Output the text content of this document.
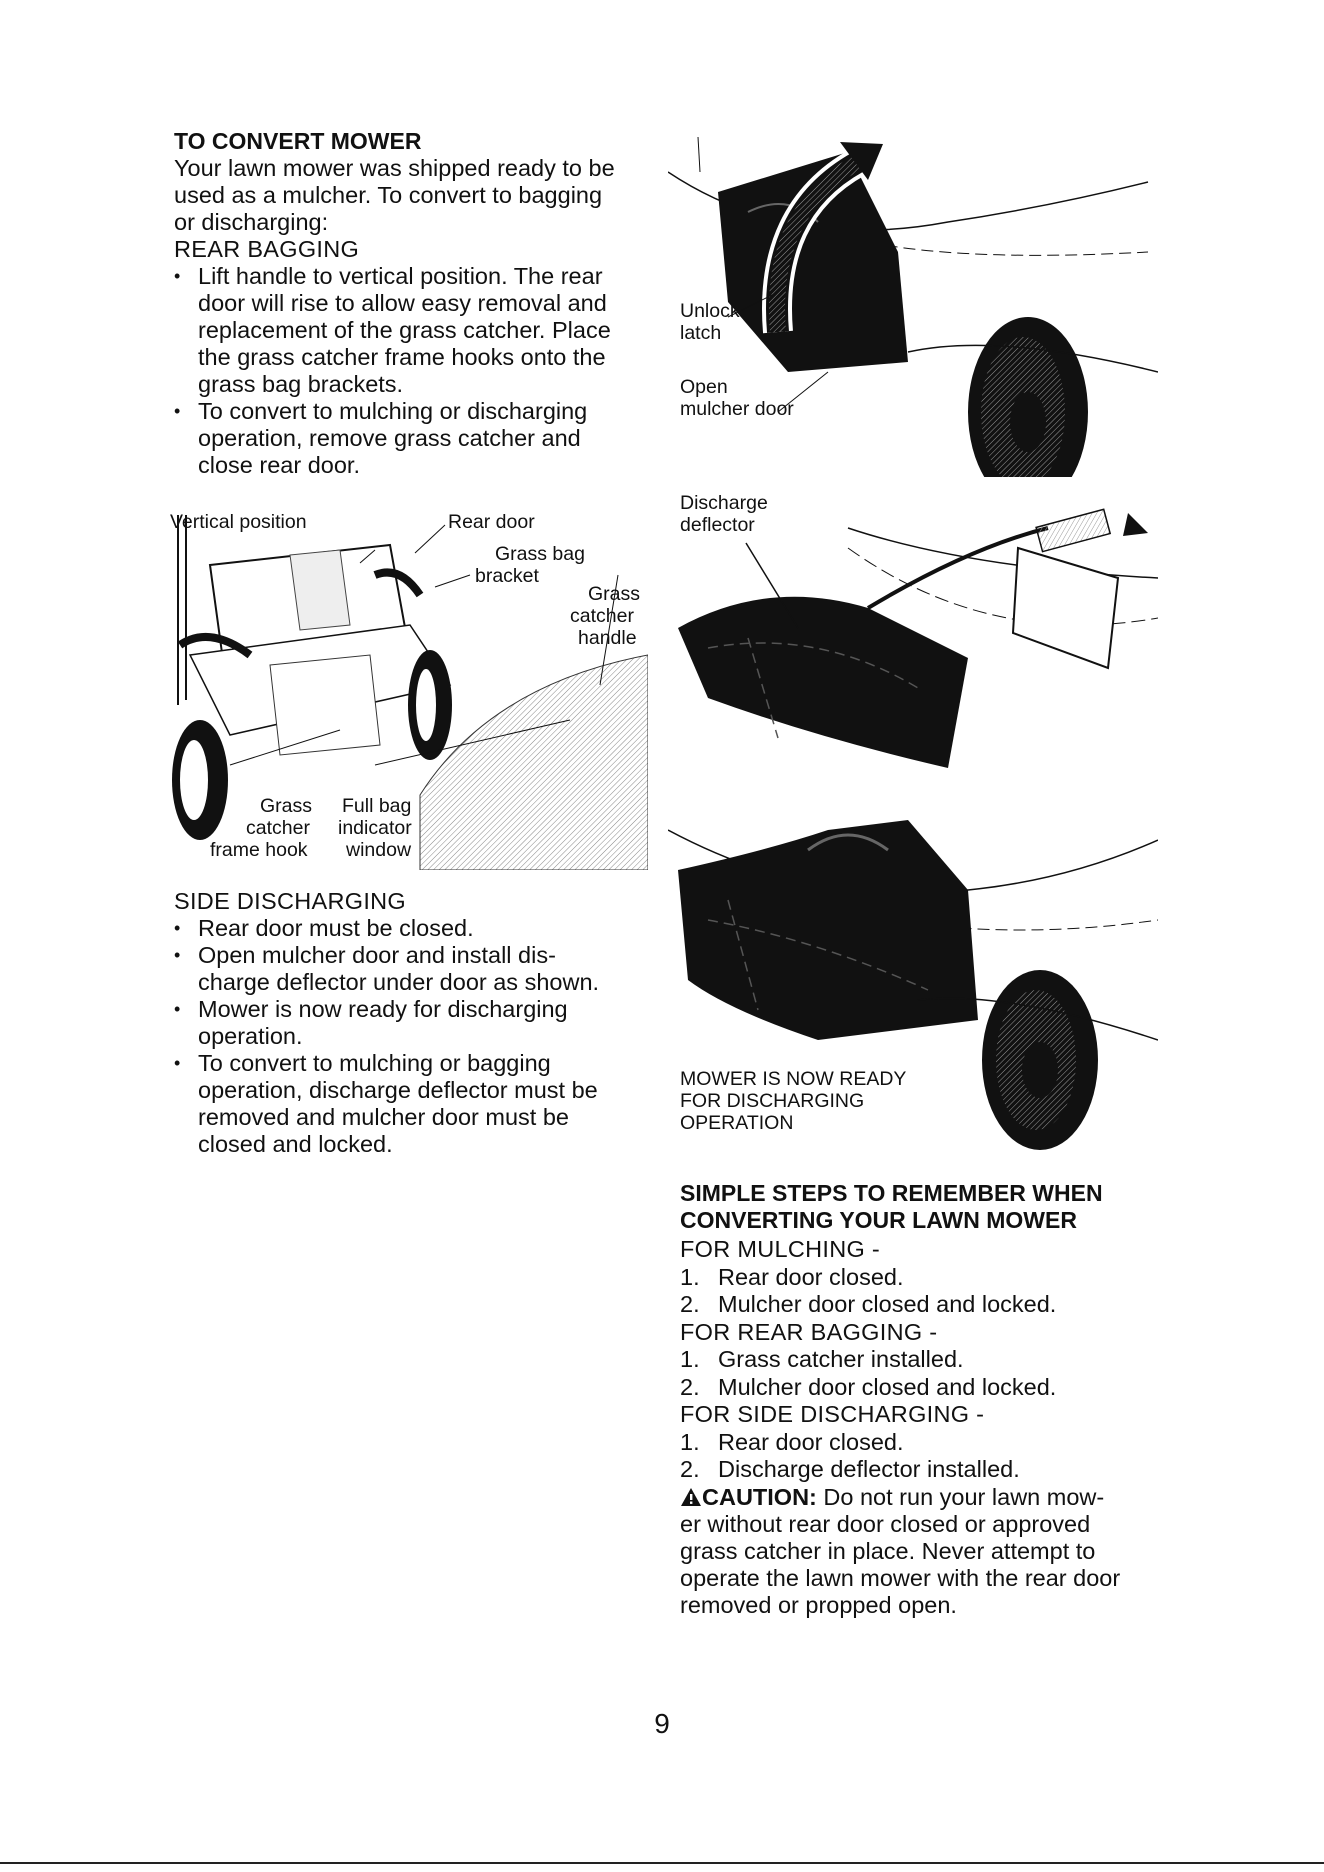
TO CONVERT MOWER

Your lawn mower was shipped ready to be

used as a mulcher. To convert to bagging

or discharging:

REAR BAGGING

• Lift handle to vertical position. The rear
door will rise to allow easy removal and
replacement of the grass catcher. Place
the grass catcher frame hooks onto the
grass bag brackets.
• To convert to mulching or discharging
operation, remove grass catcher and
close rear door.
Vertical position	Rear door
Grass bag
bracket
Grass
catcher
handle
Grass
catcher
frame hook
Full bag
indicator
window

SIDE DISCHARGING

• Rear door must be closed.
• Open mulcher door and install dis-
charge deflector under door as shown.
• Mower is now ready for discharging
operation.
• To convert to mulching or bagging
operation, discharge deflector must be
removed and mulcher door must be
closed and locked.
Unlock
latch
Open
mulcher door
Discharge
deflector
MOWER IS NOW READY
FOR DISCHARGING
OPERATION

SIMPLE STEPS TO REMEMBER WHEN

CONVERTING YOUR LAWN MOWER

FOR MULCHING -

1. Rear door closed.
2. Mulcher door closed and locked.

FOR REAR BAGGING -

1. Grass catcher installed.
2. Mulcher door closed and locked.

FOR SIDE DISCHARGING -

1. Rear door closed.
2. Discharge deflector installed.

CAUTION: Do not run your lawn mow-

er without rear door closed or approved

grass catcher in place. Never attempt to

operate the lawn mower with the rear door

removed or propped open.

9
